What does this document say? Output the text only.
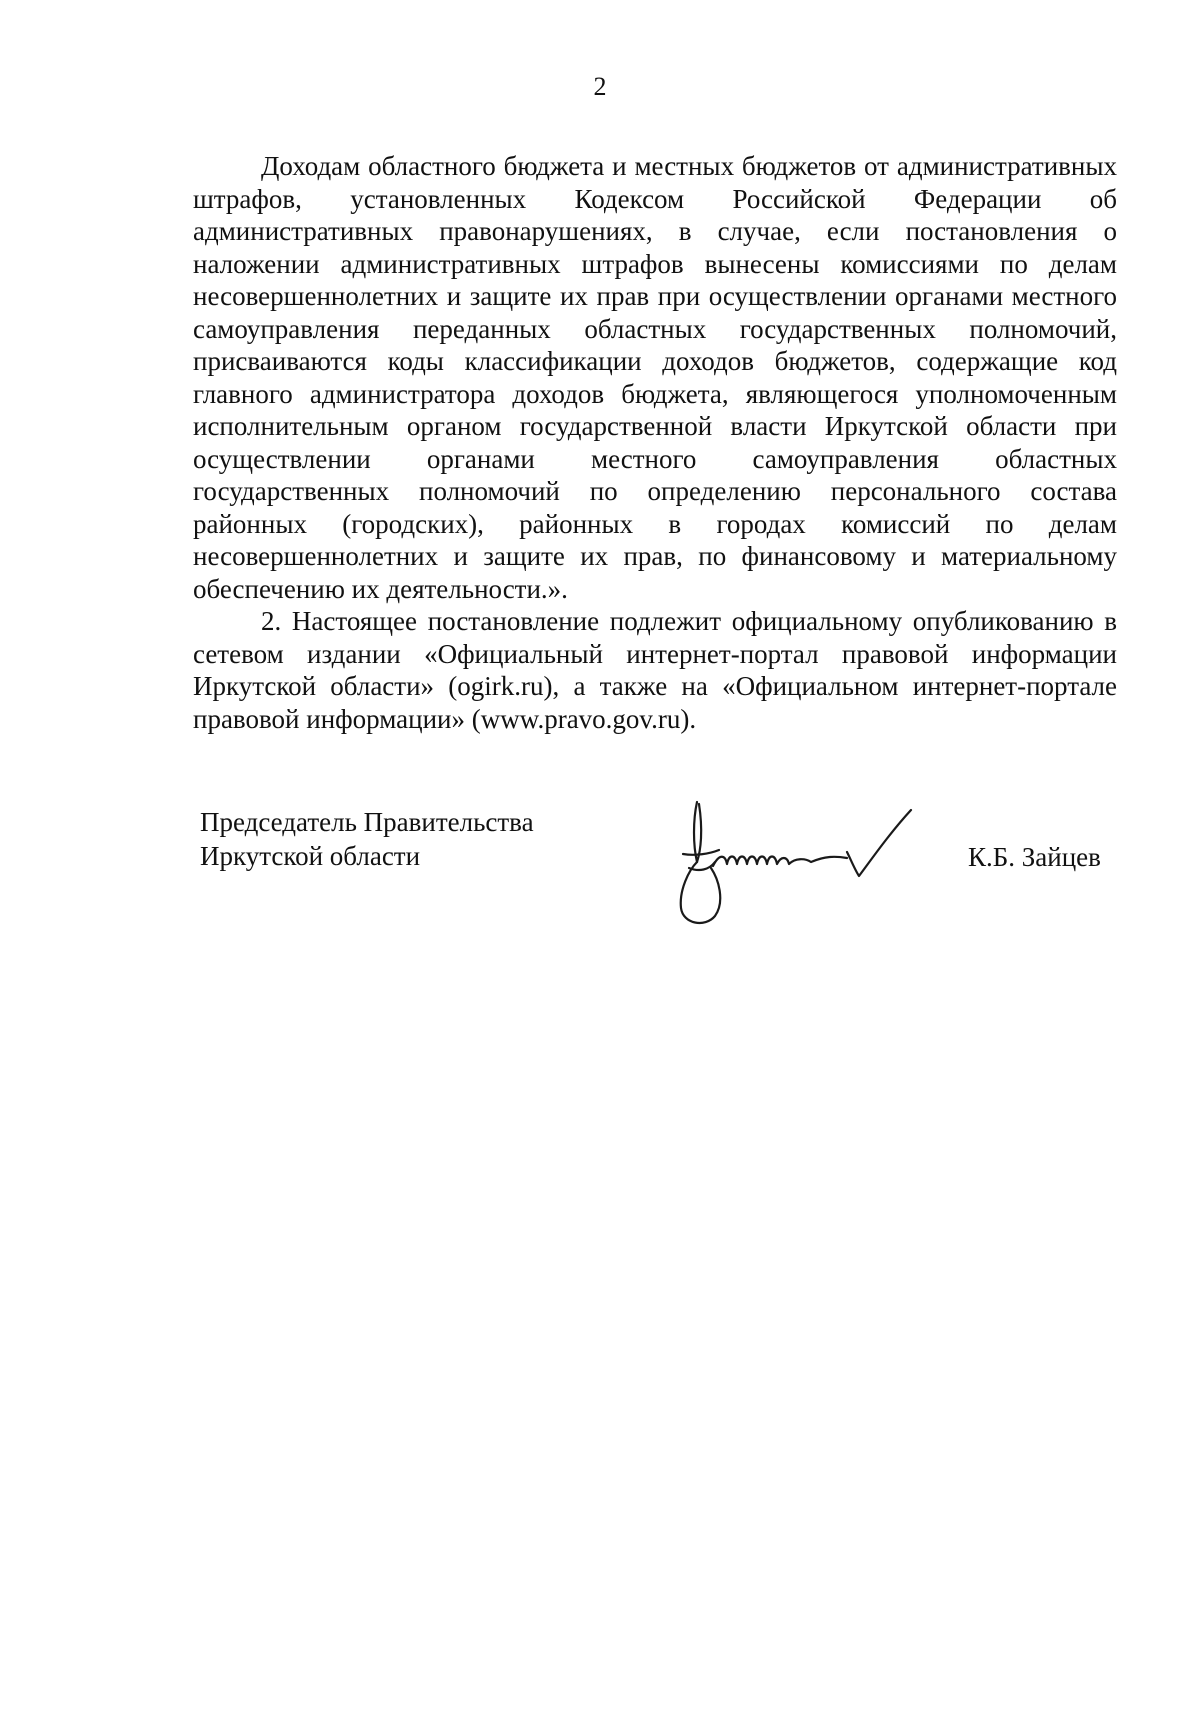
2

Доходам областного бюджета и местных бюджетов от административных штрафов, установленных Кодексом Российской Федерации об административных правонарушениях, в случае, если постановления о наложении административных штрафов вынесены комиссиями по делам несовершеннолетних и защите их прав при осуществлении органами местного самоуправления переданных областных государственных полномочий, присваиваются коды классификации доходов бюджетов, содержащие код главного администратора доходов бюджета, являющегося уполномоченным исполнительным органом государственной власти Иркутской области при осуществлении органами местного самоуправления областных государственных полномочий по определению персонального состава районных (городских), районных в городах комиссий по делам несовершеннолетних и защите их прав, по финансовому и материальному обеспечению их деятельности.».

2. Настоящее постановление подлежит официальному опубликованию в сетевом издании «Официальный интернет-портал правовой информации Иркутской области» (ogirk.ru), а также на «Официальном интернет-портале правовой информации» (www.pravo.gov.ru).

Председатель Правительства
Иркутской области	К.Б. Зайцев
